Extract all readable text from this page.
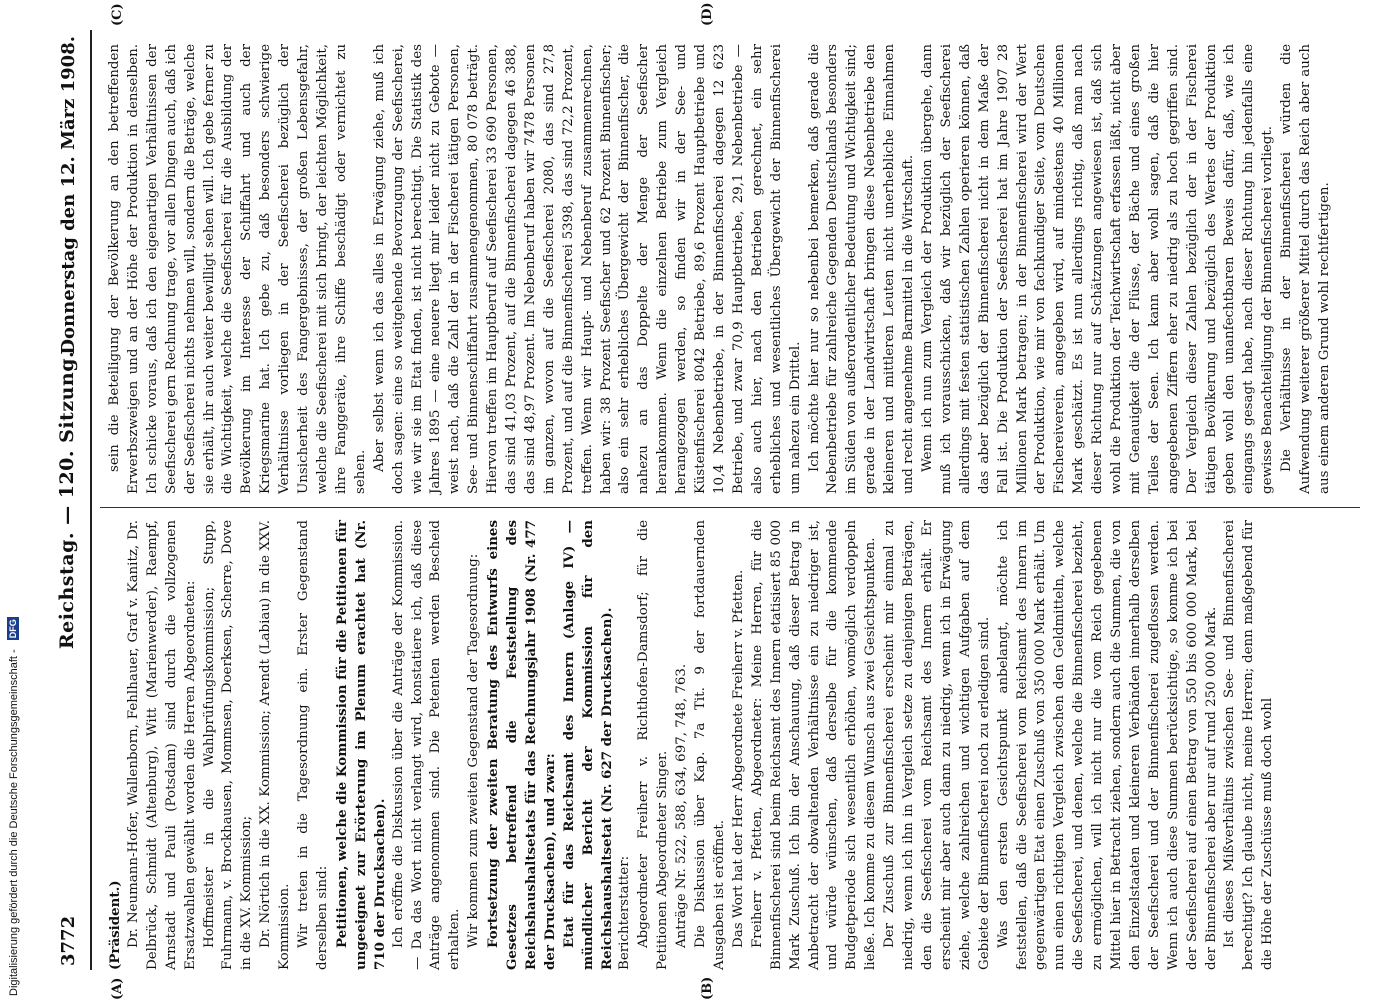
3772
Reichstag. — 120. Sitzung.
Donnerstag den 12. März 1908.
(A)	(B)
(C)	(D)

(Präsident.) Dr. Neumann-Hofer, Wallenborn, Fehlhauer, Graf v. Kanitz, Dr. Delbrück, Schmidt (Altenburg), Witt (Marienwerder), Raempf, Arnstadt und Pauli (Potsdam) sind durch die vollzogenen Ersatzwahlen gewählt worden die Herren Abgeordneten: Hoffmeister in die Wahlprüfungskommission; Stupp, Fuhrmann, v. Brockhausen, Mommsen, Doerksen, Scherre, Dove in die XV. Kommission; Dr. Nörtich in die XX. Kommission; Arendt (Labiau) in die XXV. Kommission. Wir treten in die Tagesordnung ein. Erster Gegenstand derselben sind: Petitionen, welche die Kommission für die Petitionen für ungeeignet zur Erörterung im Plenum erachtet hat (Nr. 710 der Drucksachen). Ich eröffne die Diskussion über die Anträge der Kommission. — Da das Wort nicht verlangt wird, konstatiere ich, daß diese Anträge angenommen sind. Die Petenten werden Bescheid erhalten. Wir kommen zum zweiten Gegenstand der Tagesordnung: Fortsetzung der zweiten Beratung des Entwurfs eines Gesetzes betreffend die Feststellung des Reichshaushaltsetats für das Rechnungsjahr 1908 (Nr. 477 der Drucksachen), und zwar: Etat für das Reichsamt des Innern (Anlage IV) — mündlicher Bericht der Kommission für den Reichshaushaltsetat (Nr. 627 der Drucksachen). Berichterstatter: Abgeordneter Freiherr v. Richthofen-Damsdorf; für die Petitionen Abgeordneter Singer. Anträge Nr. 522, 588, 634, 697, 748, 763. Die Diskussion über Kap. 7a Tit. 9 der fortdauernden Ausgaben ist eröffnet. Das Wort hat der Herr Abgeordnete Freiherr v. Pfetten. Freiherr v. Pfetten, Abgeordneter: Meine Herren, für die Binnenfischerei sind beim Reichsamt des Innern etatisiert 85 000 Mark Zuschuß. Ich bin der Anschauung, daß dieser Betrag in Anbetracht der obwaltenden Verhältnisse ein zu niedriger ist, und würde wünschen, daß derselbe für die kommende Budgetperiode sich wesentlich erhöhen, womöglich verdoppeln ließe. Ich komme zu diesem Wunsch aus zwei Gesichtspunkten. Der Zuschuß zur Binnenfischerei erscheint mir einmal zu niedrig, wenn ich ihn in Vergleich setze zu denjenigen Beträgen, den die Seefischerei vom Reichsamt des Innern erhält. Er erscheint mir aber auch dann zu niedrig, wenn ich in Erwägung ziehe, welche zahlreichen und wichtigen Aufgaben auf dem Gebiete der Binnenfischerei noch zu erledigen sind. Was den ersten Gesichtspunkt anbelangt, möchte ich feststellen, daß die Seefischerei vom Reichsamt des Innern im gegenwärtigen Etat einen Zuschuß von 350 000 Mark erhält. Um nun einen richtigen Vergleich zwischen den Geldmitteln, welche die Seefischerei, und denen, welche die Binnenfischerei bezieht, zu ermöglichen, will ich nicht nur die vom Reich gegebenen Mittel hier in Betracht ziehen, sondern auch die Summen, die von den Einzelstaaten und kleineren Verbänden innerhalb derselben der Seefischerei und der Binnenfischerei zugeflossen werden. Wenn ich auch diese Summen berücksichtige, so komme ich bei der Seefischerei auf einen Betrag von 550 bis 600 000 Mark, bei der Binnenfischerei aber nur auf rund 250 000 Mark. Ist dieses Mißverhältnis zwischen See- und Binnenfischerei berechtigt? Ich glaube nicht, meine Herren; denn maßgebend für die Höhe der Zuschüsse muß doch wohl

sein die Beteiligung der Bevölkerung an den betreffenden Erwerbszweigen und an der Höhe der Produktion in denselben. Ich schicke voraus, daß ich den eigenartigen Verhältnissen der Seefischerei gern Rechnung trage, vor allen Dingen auch, daß ich der Seefischerei nichts nehmen will, sondern die Beträge, welche sie erhält, ihr auch weiter bewilligt sehen will. Ich gebe ferner zu die Wichtigkeit, welche die Seefischerei für die Ausbildung der Bevölkerung im Interesse der Schiffahrt und auch der Kriegsmarine hat. Ich gebe zu, daß besonders schwierige Verhältnisse vorliegen in der Seefischerei bezüglich der Unsicherheit des Fangergebnisses, der großen Lebensgefahr, welche die Seefischerei mit sich bringt, der leichten Möglichkeit, ihre Fanggeräte, ihre Schiffe beschädigt oder vernichtet zu sehen. Aber selbst wenn ich das alles in Erwägung ziehe, muß ich doch sagen: eine so weitgehende Bevorzugung der Seefischerei, wie wir sie im Etat finden, ist nicht berechtigt. Die Statistik des Jahres 1895 — eine neuere liegt mir leider nicht zu Gebote — weist nach, daß die Zahl der in der Fischerei tätigen Personen, See- und Binnenschiffahrt zusammengenommen, 80 078 beträgt. Hiervon treffen im Hauptberuf auf Seefischerei 33 690 Personen, das sind 41,03 Prozent, auf die Binnenfischerei dagegen 46 388, das sind 48,97 Prozent. Im Nebenberuf haben wir 7478 Personen im ganzen, wovon auf die Seefischerei 2080, das sind 27,8 Prozent, und auf die Binnenfischerei 5398, das sind 72,2 Prozent, treffen. Wenn wir Haupt- und Nebenberuf zusammenrechnen, haben wir: 38 Prozent Seefischer und 62 Prozent Binnenfischer; also ein sehr erhebliches Übergewicht der Binnenfischer, die nahezu an das Doppelte der Menge der Seefischer herankommen. Wenn die einzelnen Betriebe zum Vergleich herangezogen werden, so finden wir in der See- und Küstenfischerei 8042 Betriebe, 89,6 Prozent Hauptbetriebe und 10,4 Nebenbetriebe, in der Binnenfischerei dagegen 12 623 Betriebe, und zwar 70,9 Hauptbetriebe, 29,1 Nebenbetriebe — also auch hier, nach den Betrieben gerechnet, ein sehr erhebliches und wesentliches Übergewicht der Binnenfischerei um nahezu ein Drittel. Ich möchte hier nur so nebenbei bemerken, daß gerade die Nebenbetriebe für zahlreiche Gegenden Deutschlands besonders im Süden von außerordentlicher Bedeutung und Wichtigkeit sind; gerade in der Landwirtschaft bringen diese Nebenbetriebe den kleineren und mittleren Leuten nicht unerhebliche Einnahmen und recht angenehme Barmittel in die Wirtschaft. Wenn ich nun zum Vergleich der Produktion übergehe, dann muß ich vorausschicken, daß wir bezüglich der Seefischerei allerdings mit festen statistischen Zahlen operieren können, daß das aber bezüglich der Binnenfischerei nicht in dem Maße der Fall ist. Die Produktion der Seefischerei hat im Jahre 1907 28 Millionen Mark betragen; in der Binnenfischerei wird der Wert der Produktion, wie mir von fachkundiger Seite, vom Deutschen Fischereiverein, angegeben wird, auf mindestens 40 Millionen Mark geschätzt. Es ist nun allerdings richtig, daß man nach dieser Richtung nur auf Schätzungen angewiesen ist, daß sich wohl die Produktion der Teichwirtschaft erfassen läßt, nicht aber mit Genauigkeit die der Flüsse, der Bäche und eines großen Teiles der Seen. Ich kann aber wohl sagen, daß die hier angegebenen Ziffern eher zu niedrig als zu hoch gegriffen sind. Der Vergleich dieser Zahlen bezüglich der in der Fischerei tätigen Bevölkerung und bezüglich des Wertes der Produktion geben wohl den unanfechtbaren Beweis dafür, daß, wie ich eingangs gesagt habe, nach dieser Richtung hin jedenfalls eine gewisse Benachteiligung der Binnenfischerei vorliegt. Die Verhältnisse in der Binnenfischerei würden die Aufwendung weiterer größerer Mittel durch das Reich aber auch aus einem anderen Grund wohl rechtfertigen.

Digitalisierung gefördert durch die Deutsche Forschungsgemeinschaft - DFG
